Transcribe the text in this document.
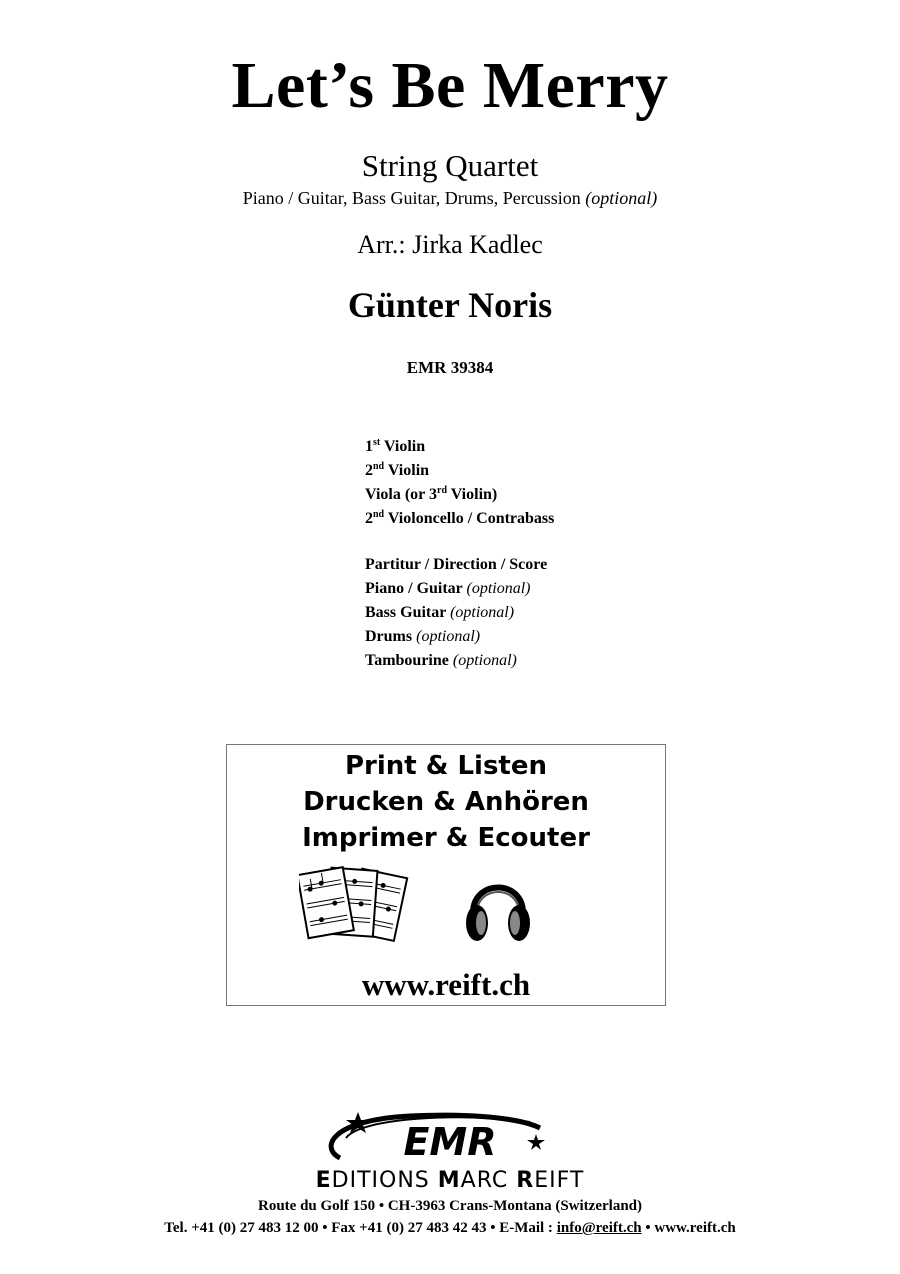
Let’s Be Merry
String Quartet
Piano / Guitar, Bass Guitar, Drums, Percussion (optional)
Arr.: Jirka Kadlec
Günter Noris
EMR 39384
1st Violin
2nd Violin
Viola (or 3rd Violin)
2nd Violoncello / Contrabass
Partitur / Direction / Score
Piano / Guitar (optional)
Bass Guitar (optional)
Drums (optional)
Tambourine (optional)
Print & Listen
Drucken & Anhören
Imprimer & Ecouter
www.reift.ch
EMR
EDITIONS MARC REIFT
Route du Golf 150 • CH-3963 Crans-Montana (Switzerland)
Tel. +41 (0) 27 483 12 00 • Fax +41 (0) 27 483 42 43 • E-Mail : info@reift.ch • www.reift.ch
